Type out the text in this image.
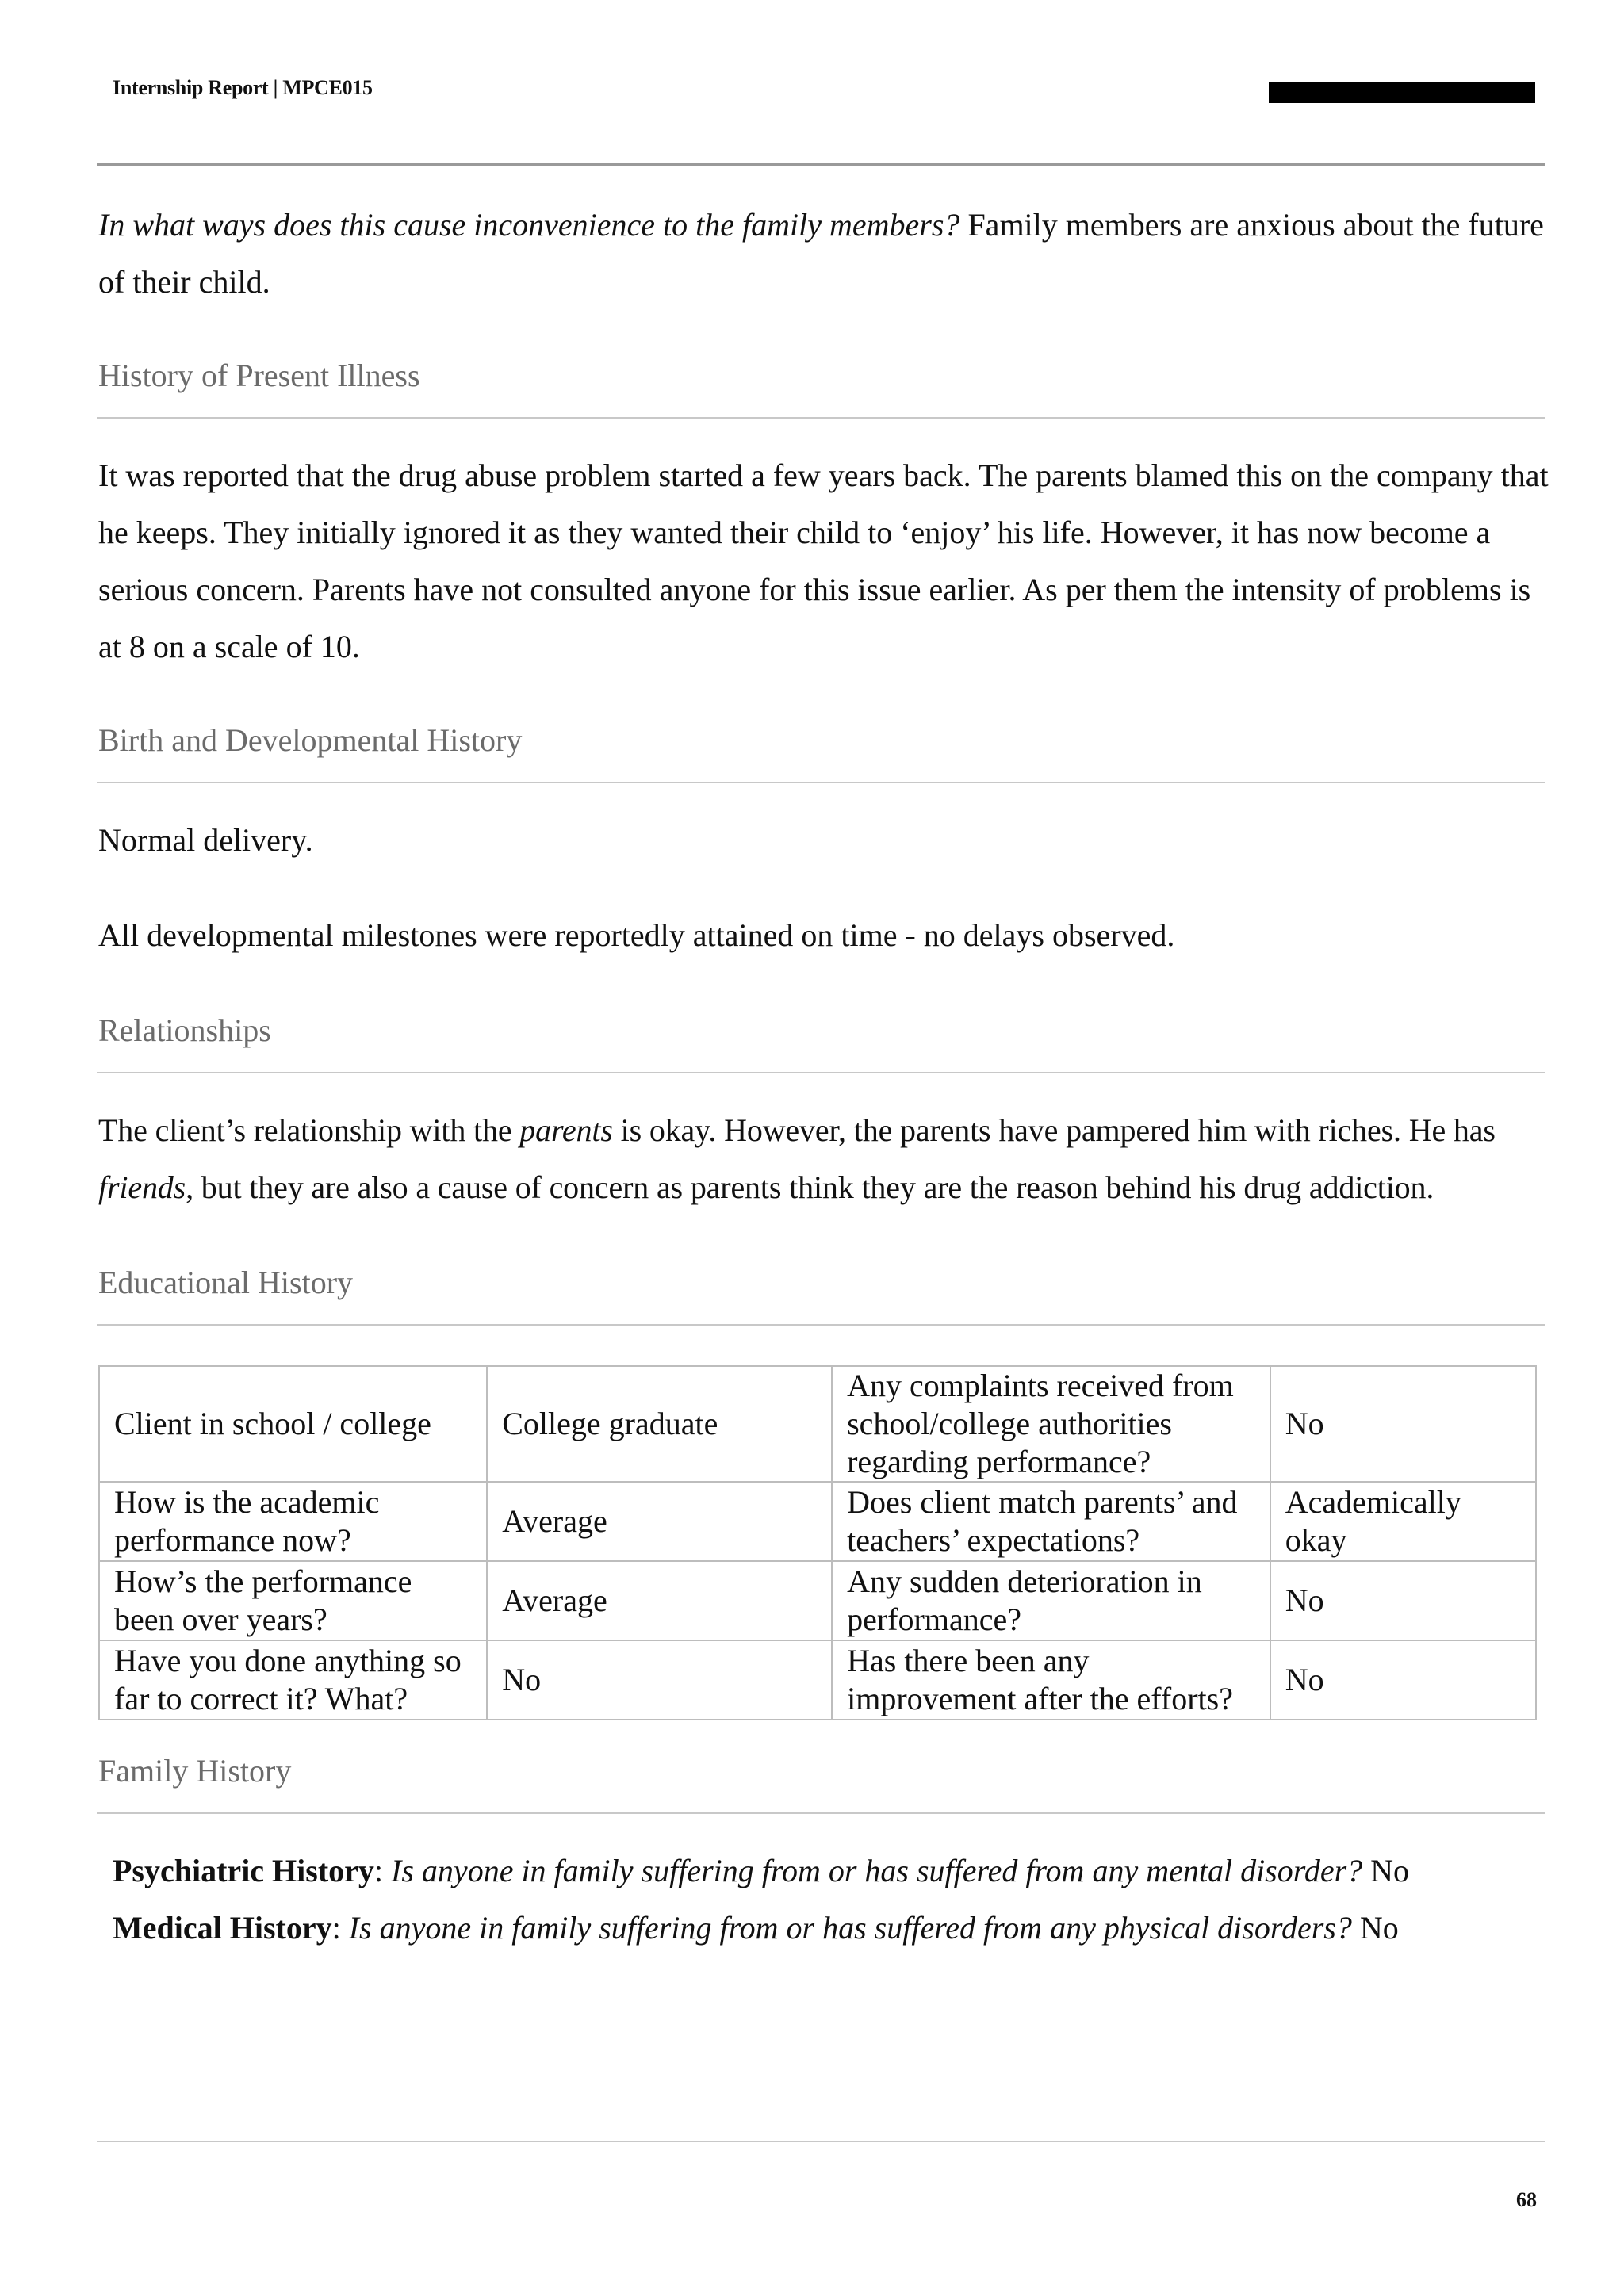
Internship Report | MPCE015

In what ways does this cause inconvenience to the family members? Family members are anxious about the future of their child.

History of Present Illness

It was reported that the drug abuse problem started a few years back. The parents blamed this on the company that he keeps. They initially ignored it as they wanted their child to ‘enjoy’ his life. However, it has now become a serious concern. Parents have not consulted anyone for this issue earlier. As per them the intensity of problems is at 8 on a scale of 10.

Birth and Developmental History

Normal delivery.

All developmental milestones were reportedly attained on time - no delays observed.

Relationships

The client’s relationship with the parents is okay. However, the parents have pampered him with riches. He has friends, but they are also a cause of concern as parents think they are the reason behind his drug addiction.

Educational History

Client in school / college	College graduate	Any complaints received from school/college authorities regarding performance?	No
How is the academic performance now?	Average	Does client match parents’ and teachers’ expectations?	Academically okay
How’s the performance been over years?	Average	Any sudden deterioration in performance?	No
Have you done anything so far to correct it? What?	No	Has there been any improvement after the efforts?	No

Family History

Psychiatric History: Is anyone in family suffering from or has suffered from any mental disorder? No

Medical History: Is anyone in family suffering from or has suffered from any physical disorders? No

68
